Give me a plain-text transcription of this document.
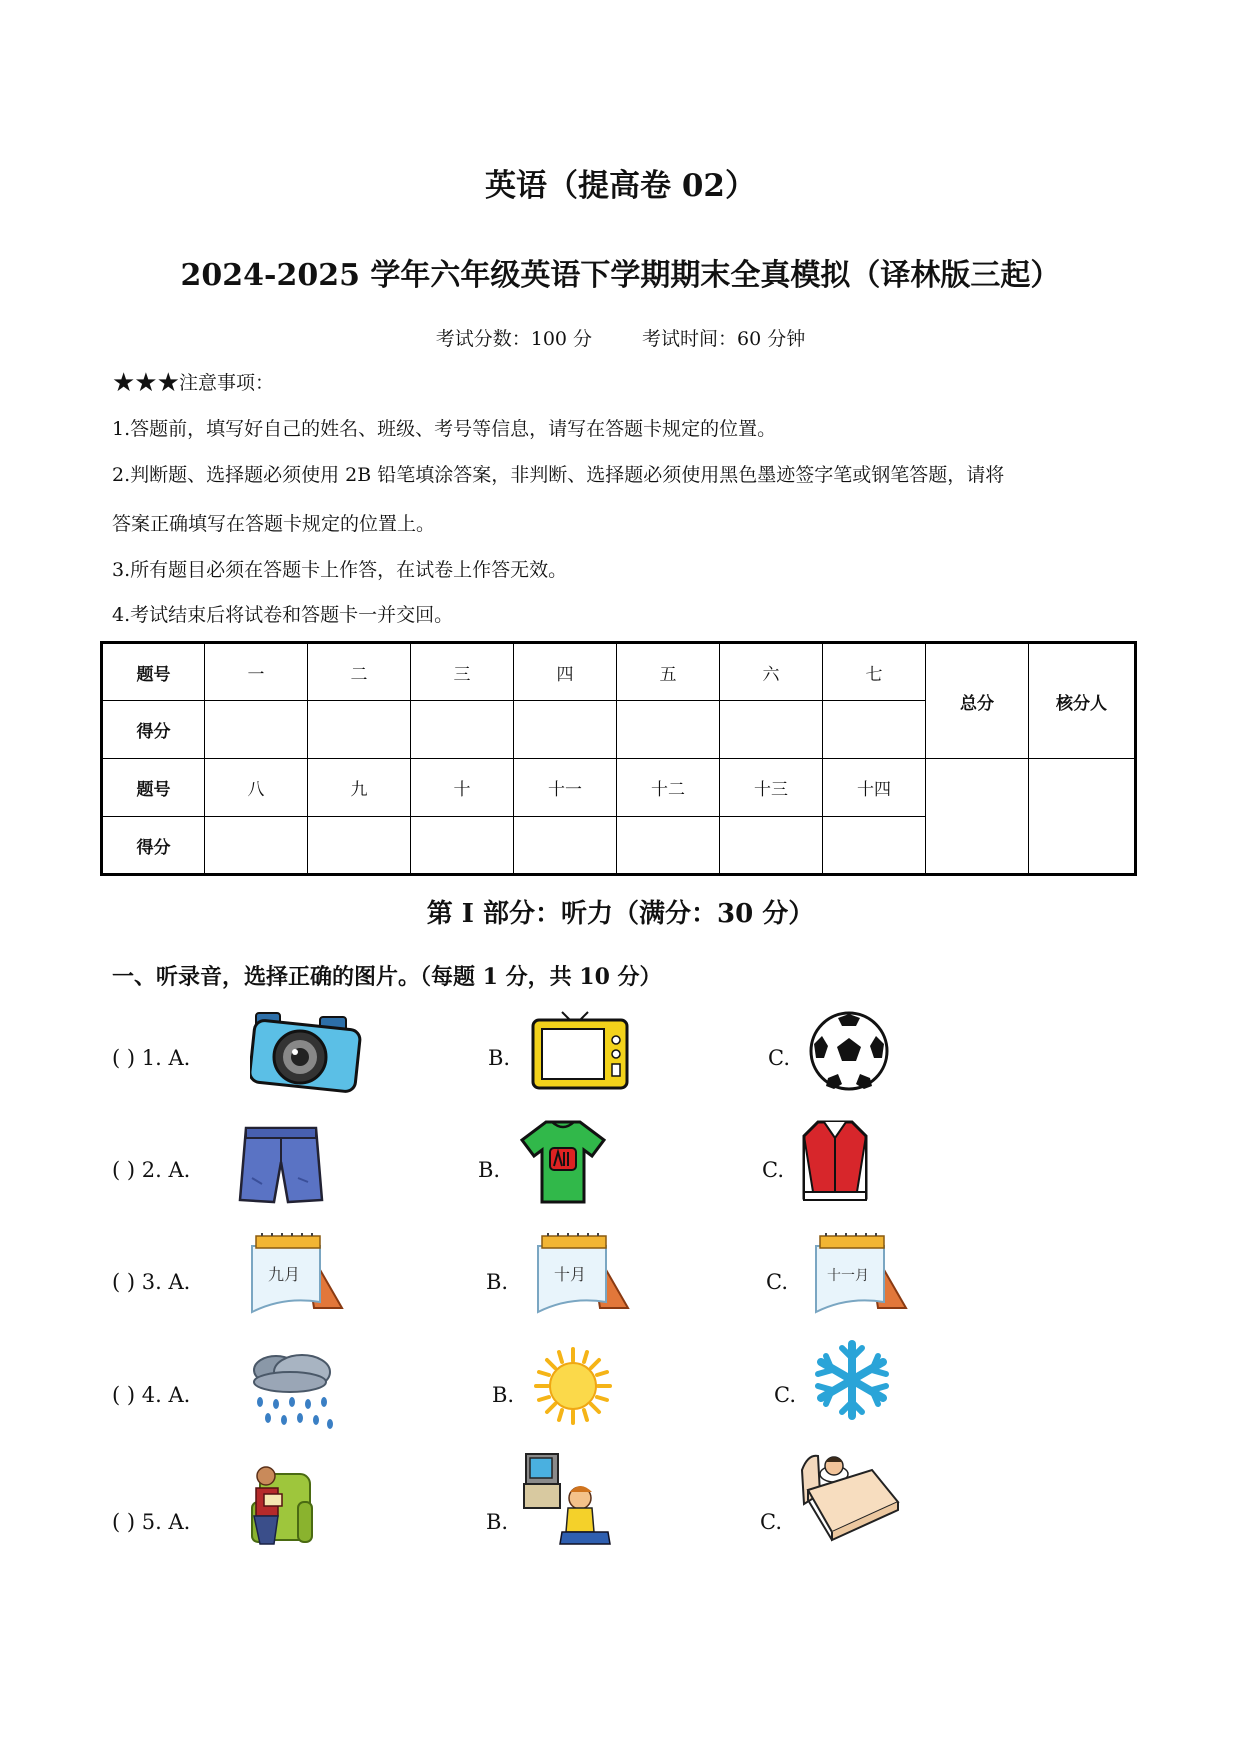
英语（提高卷 02）
2024-2025 学年六年级英语下学期期末全真模拟（译林版三起）
考试分数：100 分	考试时间：60 分钟
★★★注意事项：
1.答题前，填写好自己的姓名、班级、考号等信息，请写在答题卡规定的位置。
2.判断题、选择题必须使用 2B 铅笔填涂答案，非判断、选择题必须使用黑色墨迹签字笔或钢笔答题，请将
答案正确填写在答题卡规定的位置上。
3.所有题目必须在答题卡上作答，在试卷上作答无效。
4.考试结束后将试卷和答题卡一并交回。
题号	一	二	三	四	五	六	七	总分	核分人
得分									
题号	八	九	十	十一	十二	十三	十四		
得分									
第 I 部分：听力（满分：30 分）
一、听录音，选择正确的图片。（每题 1 分，共 10 分）
( ) 1. A.	B.	C.
( ) 2. A.	B.	C.
( ) 3. A.	B.	C.
九月	十月	十一月
( ) 4. A.	B.	C.
( ) 5. A.	B.	C.
